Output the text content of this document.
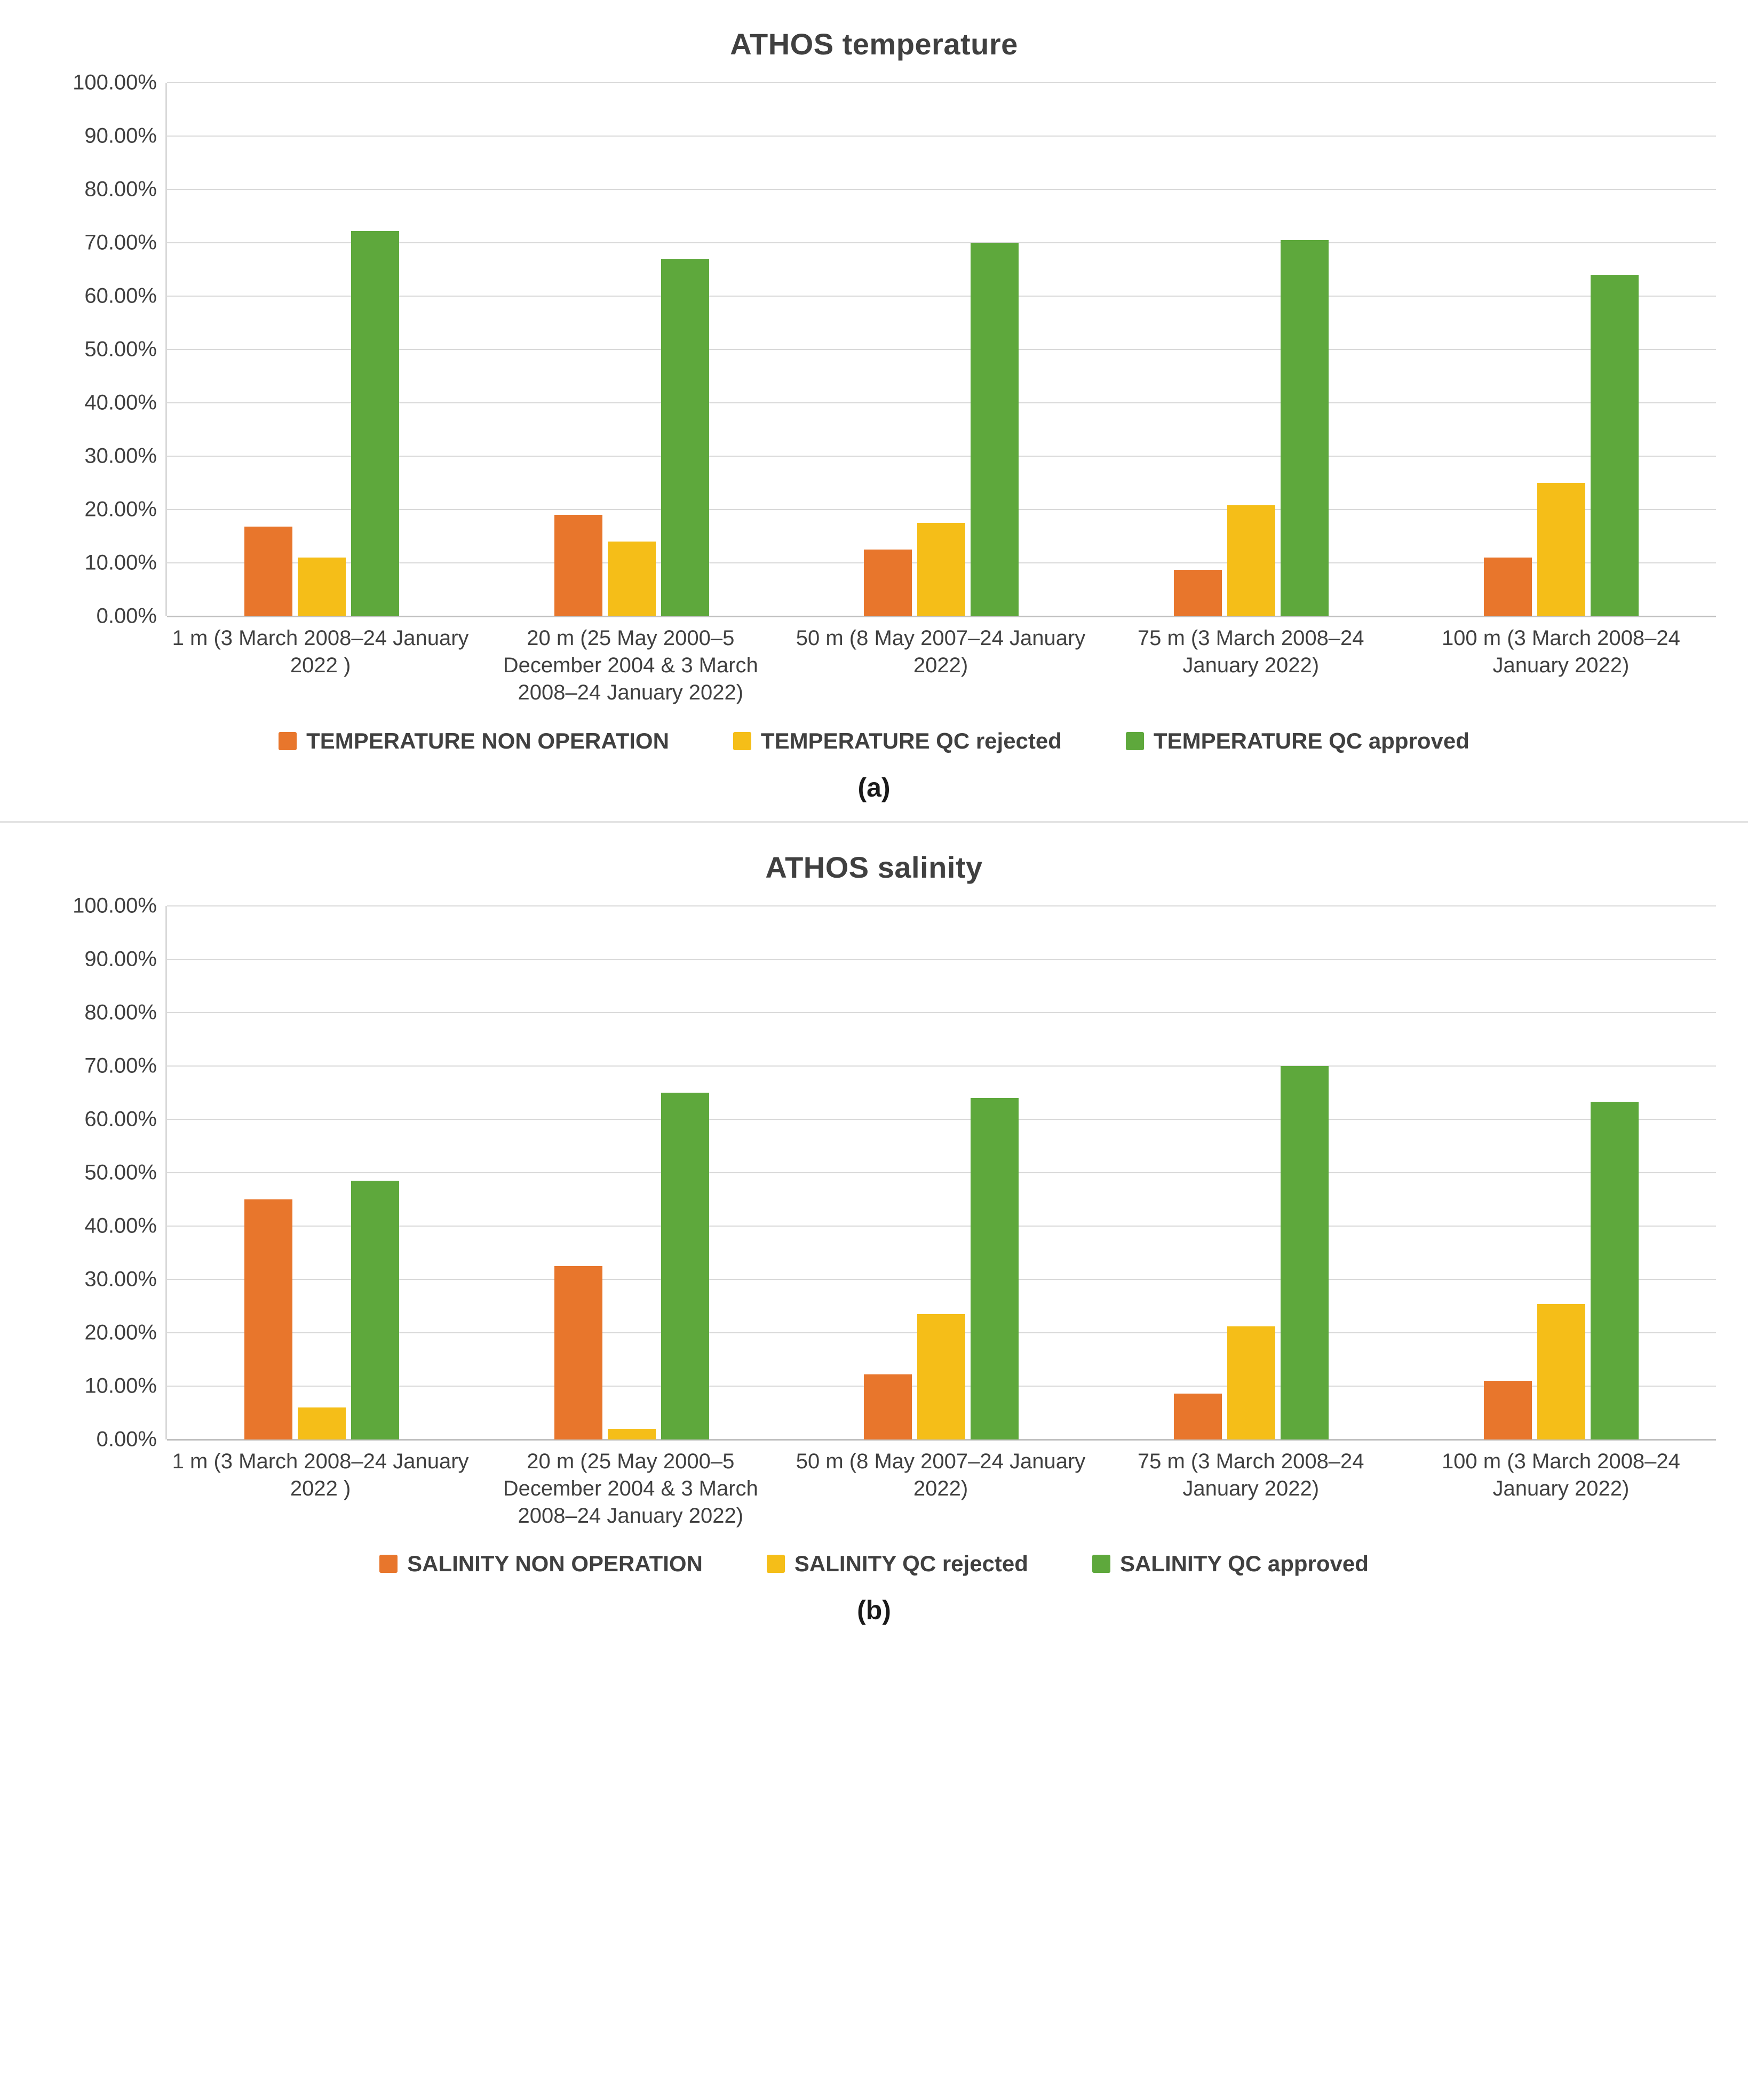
ATHOS temperature
0.00%
10.00%
20.00%
30.00%
40.00%
50.00%
60.00%
70.00%
80.00%
90.00%
100.00%
1 m (3 March 2008–24 January 2022 )
20 m (25 May 2000–5 December 2004 & 3 March 2008–24 January 2022)
50 m (8 May 2007–24 January 2022)
75 m (3 March 2008–24 January 2022)
100 m (3 March 2008–24 January 2022)
TEMPERATURE NON OPERATION	TEMPERATURE QC rejected	TEMPERATURE QC approved
(a)
ATHOS salinity
0.00%
10.00%
20.00%
30.00%
40.00%
50.00%
60.00%
70.00%
80.00%
90.00%
100.00%
1 m (3 March 2008–24 January 2022 )
20 m (25 May 2000–5 December 2004 & 3 March 2008–24 January 2022)
50 m (8 May 2007–24 January 2022)
75 m (3 March 2008–24 January 2022)
100 m (3 March 2008–24 January 2022)
SALINITY NON OPERATION	SALINITY QC rejected	SALINITY QC approved
(b)
